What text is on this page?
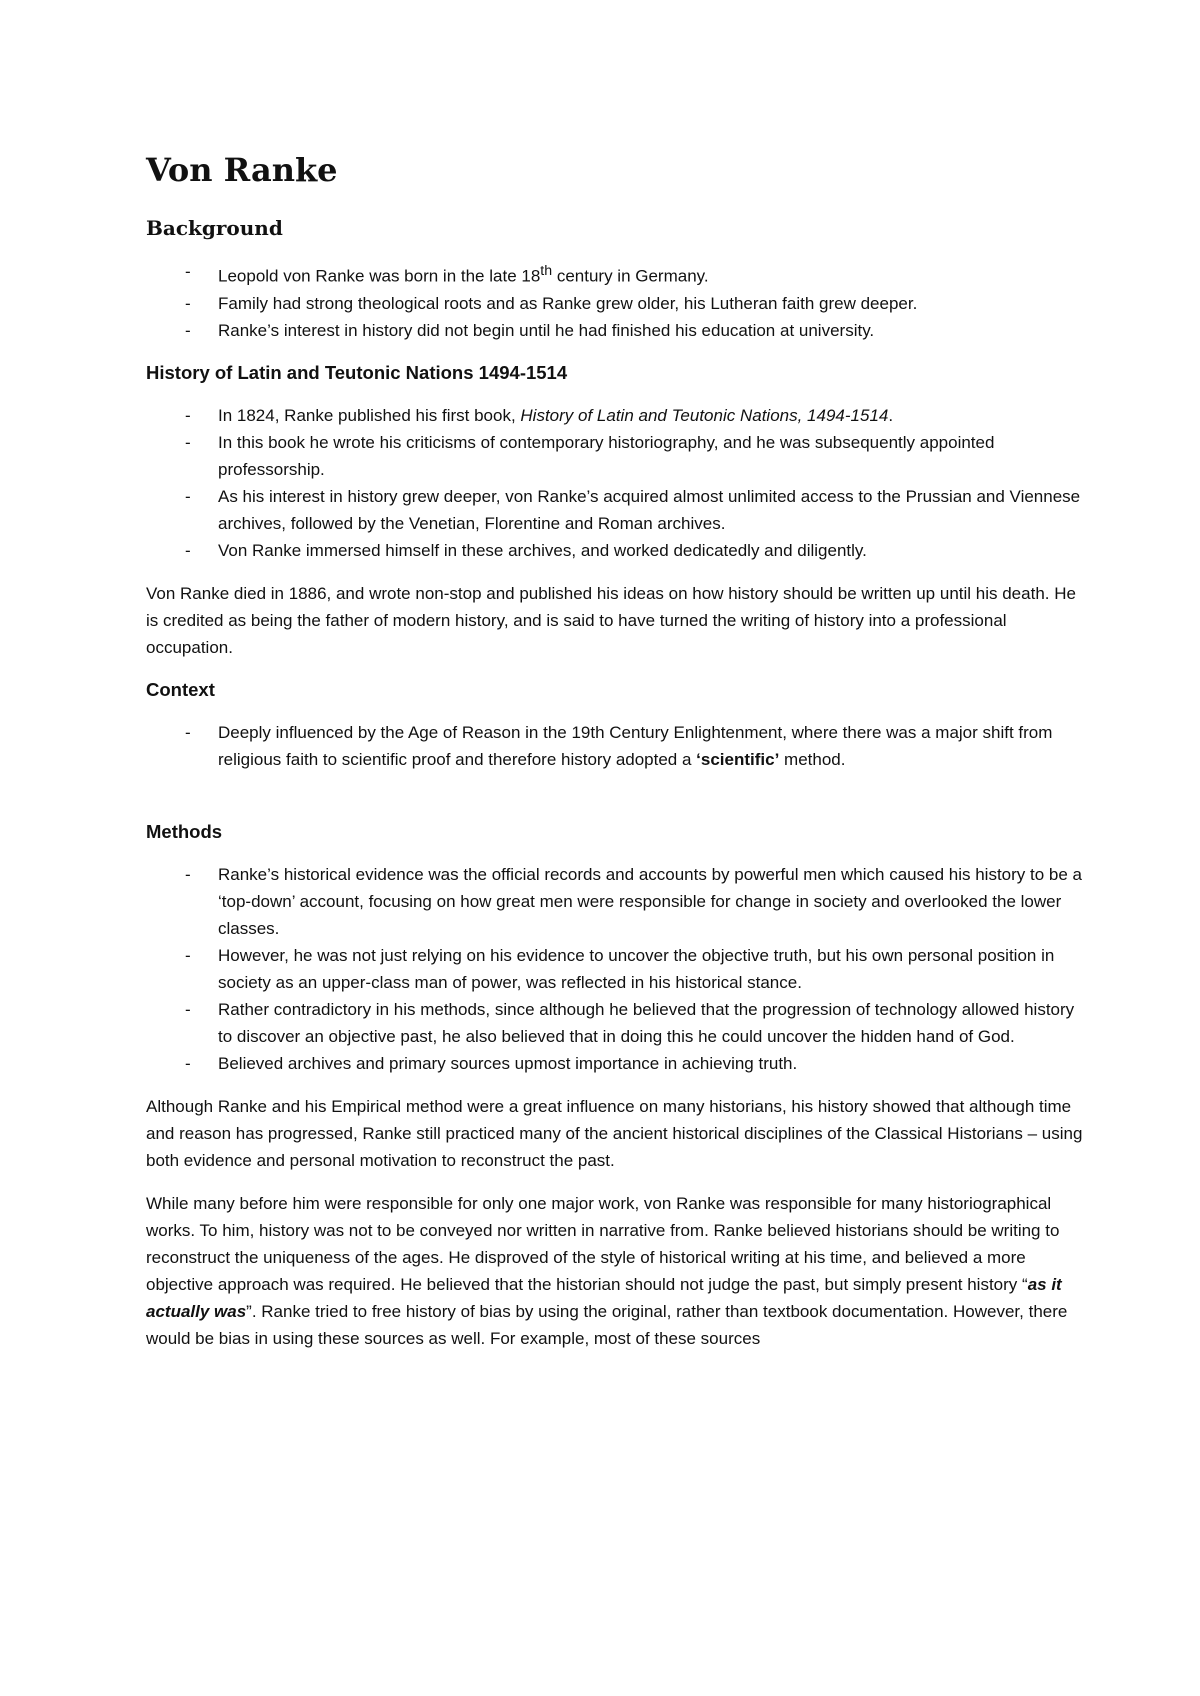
Von Ranke
Background
- Leopold von Ranke was born in the late 18th century in Germany.
- Family had strong theological roots and as Ranke grew older, his Lutheran faith grew deeper.
- Ranke’s interest in history did not begin until he had finished his education at university.
History of Latin and Teutonic Nations 1494-1514
- In 1824, Ranke published his first book, History of Latin and Teutonic Nations, 1494-1514.
- In this book he wrote his criticisms of contemporary historiography, and he was subsequently appointed professorship.
- As his interest in history grew deeper, von Ranke’s acquired almost unlimited access to the Prussian and Viennese archives, followed by the Venetian, Florentine and Roman archives.
- Von Ranke immersed himself in these archives, and worked dedicatedly and diligently.

Von Ranke died in 1886, and wrote non-stop and published his ideas on how history should be written up until his death. He is credited as being the father of modern history, and is said to have turned the writing of history into a professional occupation.

Context
- Deeply influenced by the Age of Reason in the 19th Century Enlightenment, where there was a major shift from religious faith to scientific proof and therefore history adopted a ‘scientific’ method.
Methods
- Ranke’s historical evidence was the official records and accounts by powerful men which caused his history to be a ‘top-down’ account, focusing on how great men were responsible for change in society and overlooked the lower classes.
- However, he was not just relying on his evidence to uncover the objective truth, but his own personal position in society as an upper-class man of power, was reflected in his historical stance.
- Rather contradictory in his methods, since although he believed that the progression of technology allowed history to discover an objective past, he also believed that in doing this he could uncover the hidden hand of God.
- Believed archives and primary sources upmost importance in achieving truth.

Although Ranke and his Empirical method were a great influence on many historians, his history showed that although time and reason has progressed, Ranke still practiced many of the ancient historical disciplines of the Classical Historians – using both evidence and personal motivation to reconstruct the past.

While many before him were responsible for only one major work, von Ranke was responsible for many historiographical works. To him, history was not to be conveyed nor written in narrative from. Ranke believed historians should be writing to reconstruct the uniqueness of the ages. He disproved of the style of historical writing at his time, and believed a more objective approach was required. He believed that the historian should not judge the past, but simply present history “as it actually was”. Ranke tried to free history of bias by using the original, rather than textbook documentation. However, there would be bias in using these sources as well. For example, most of these sources
